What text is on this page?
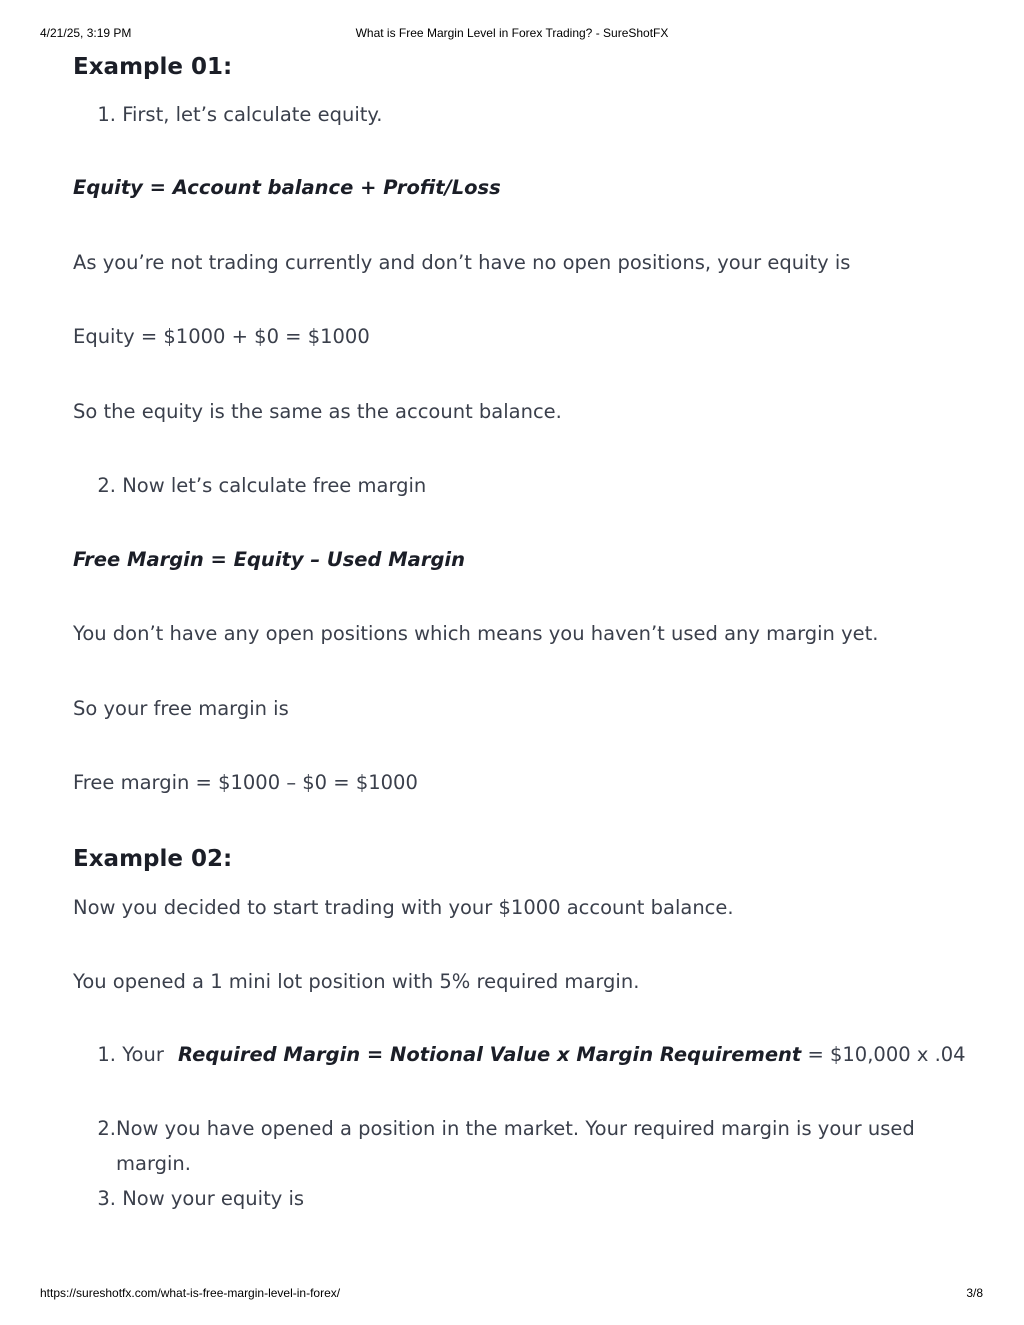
4/21/25, 3:19 PM	What is Free Margin Level in Forex Trading? - SureShotFX
Example 01:
1. First, let’s calculate equity.
Equity = Account balance + Profit/Loss
As you’re not trading currently and don’t have no open positions, your equity is
Equity = $1000 + $0 = $1000
So the equity is the same as the account balance.
2. Now let’s calculate free margin
Free Margin = Equity – Used Margin
You don’t have any open positions which means you haven’t used any margin yet.
So your free margin is
Free margin = $1000 – $0 = $1000
Example 02:
Now you decided to start trading with your $1000 account balance.
You opened a 1 mini lot position with 5% required margin.
1. Your Required Margin = Notional Value x Margin Requirement = $10,000 x .04
2.Now you have opened a position in the market. Your required margin is your used margin.
3. Now your equity is
https://sureshotfx.com/what-is-free-margin-level-in-forex/	3/8
